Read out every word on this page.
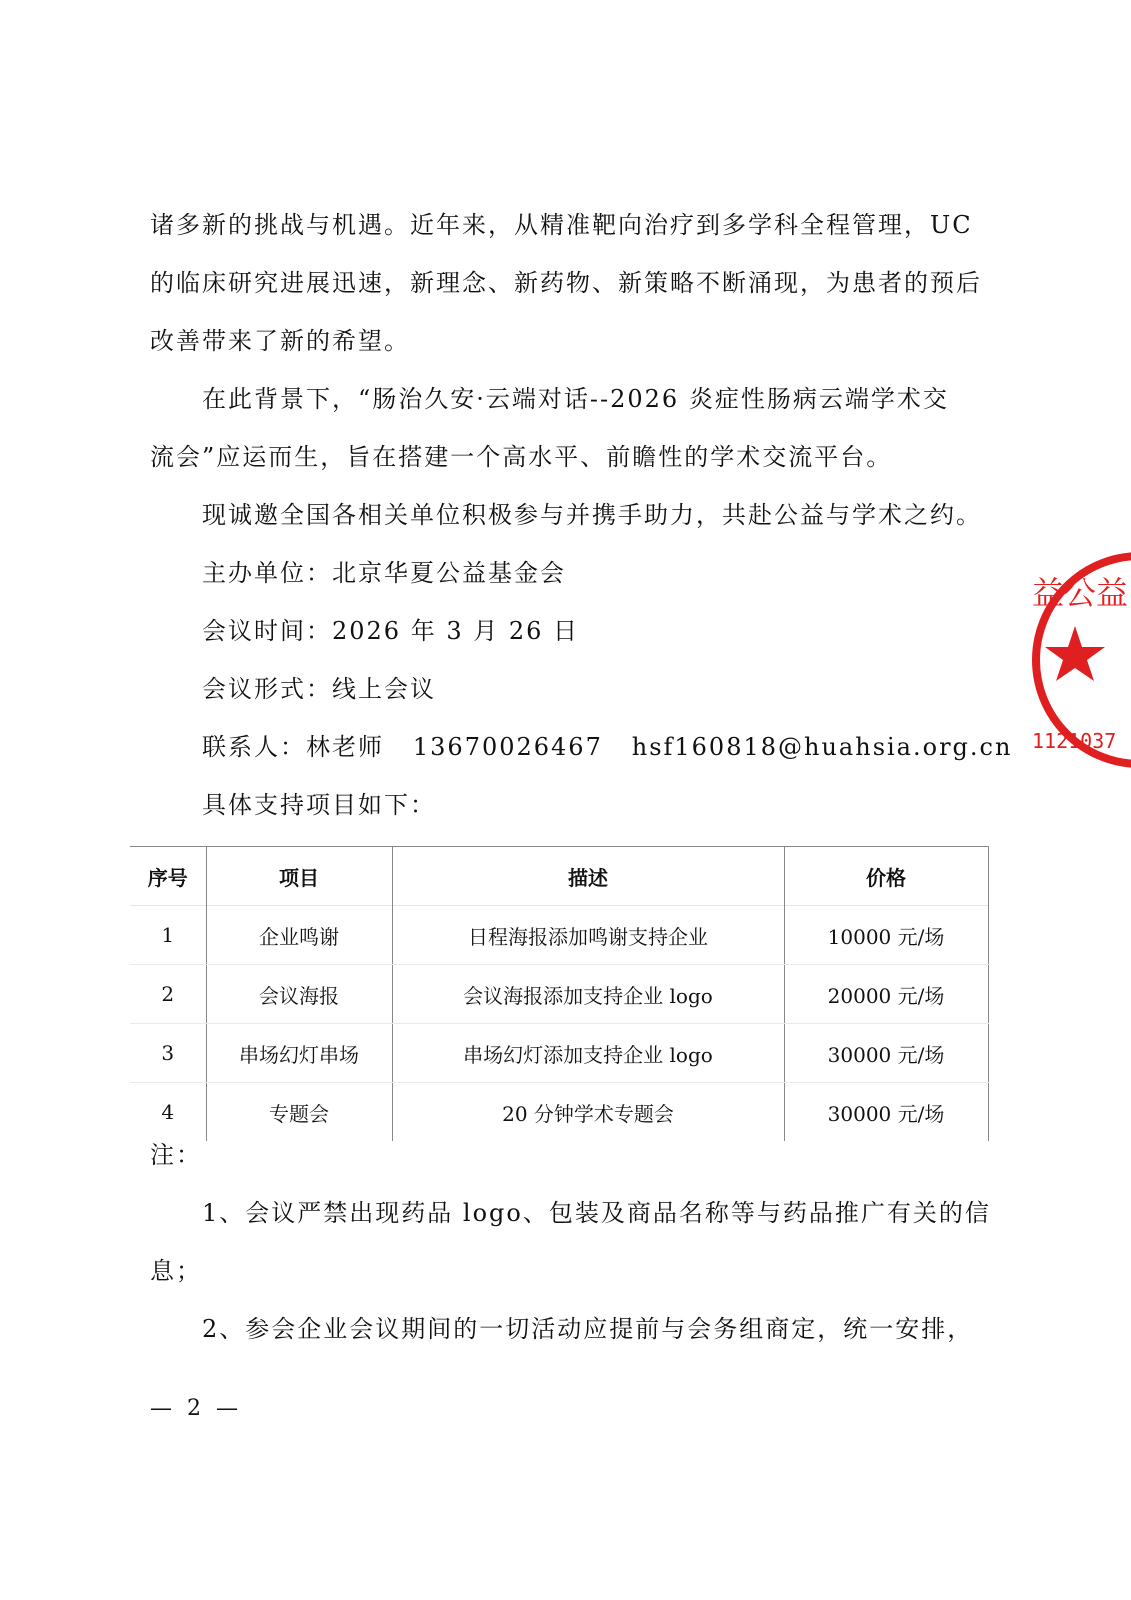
诸多新的挑战与机遇。近年来，从精准靶向治疗到多学科全程管理，UC

的临床研究进展迅速，新理念、新药物、新策略不断涌现，为患者的预后

改善带来了新的希望。

在此背景下，“肠治久安·云端对话--2026 炎症性肠病云端学术交

流会”应运而生，旨在搭建一个高水平、前瞻性的学术交流平台。

现诚邀全国各相关单位积极参与并携手助力，共赴公益与学术之约。

主办单位：北京华夏公益基金会

会议时间：2026 年 3 月 26 日

会议形式：线上会议

联系人：林老师   13670026467   hsf160818@huahsia.org.cn

具体支持项目如下：

序号	项目	描述	价格
1	企业鸣谢	日程海报添加鸣谢支持企业	10000 元/场
2	会议海报	会议海报添加支持企业 logo	20000 元/场
3	串场幻灯串场	串场幻灯添加支持企业 logo	30000 元/场
4	专题会	20 分钟学术专题会	30000 元/场

注：

1、会议严禁出现药品 logo、包装及商品名称等与药品推广有关的信

息；

2、参会企业会议期间的一切活动应提前与会务组商定，统一安排，

— 2 —
益公益
1121037
